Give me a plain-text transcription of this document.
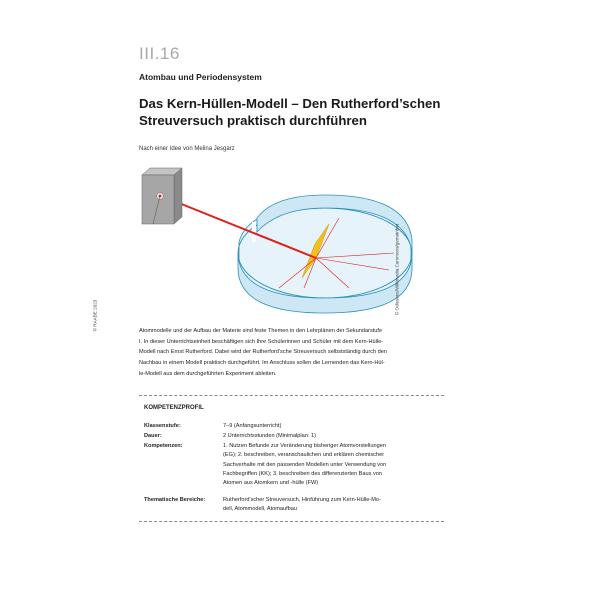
III.16
Atombau und Periodensystem
Das Kern-Hüllen-Modell – Den Rutherford’schen
Streuversuch praktisch durchführen
Nach einer Idee von Melina Jesgarz
© RAABE 2023
© Odisseus/Wikimedia Commons/gemeinfrei
Atommodelle und der Aufbau der Materie sind feste Themen in den Lehrplänen der Sekundarstufe
I. In dieser Unterrichtseinheit beschäftigen sich Ihre Schülerinnen und Schüler mit dem Kern-Hülle-
Modell nach Ernst Rutherford. Dabei wird der Rutherford’sche Streuversuch selbstständig durch den
Nachbau in einem Modell praktisch durchgeführt. Im Anschluss sollen die Lernenden das Kern-Hül-
le-Modell aus dem durchgeführten Experiment ableiten.
KOMPETENZPROFIL
Klassenstufe:	7–9 (Anfangsunterricht)
Dauer:	2 Unterrichtsstunden (Minimalplan: 1)
Kompetenzen:	1. Nutzen Befunde zur Veränderung bisheriger Atomvorstellungen
(EG); 2. beschreiben, veranschaulichen und erklären chemischer
Sachverhalte mit den passenden Modellen unter Verwendung von
Fachbegriffen (KK); 3. beschreiben des differenzierten Baus von
Atomen aus Atomkern und -hülle (FW)
Thematische Bereiche:	Rutherford’scher Streuversuch, Hinführung zum Kern-Hülle-Mo-
dell, Atommodell, Atomaufbau
